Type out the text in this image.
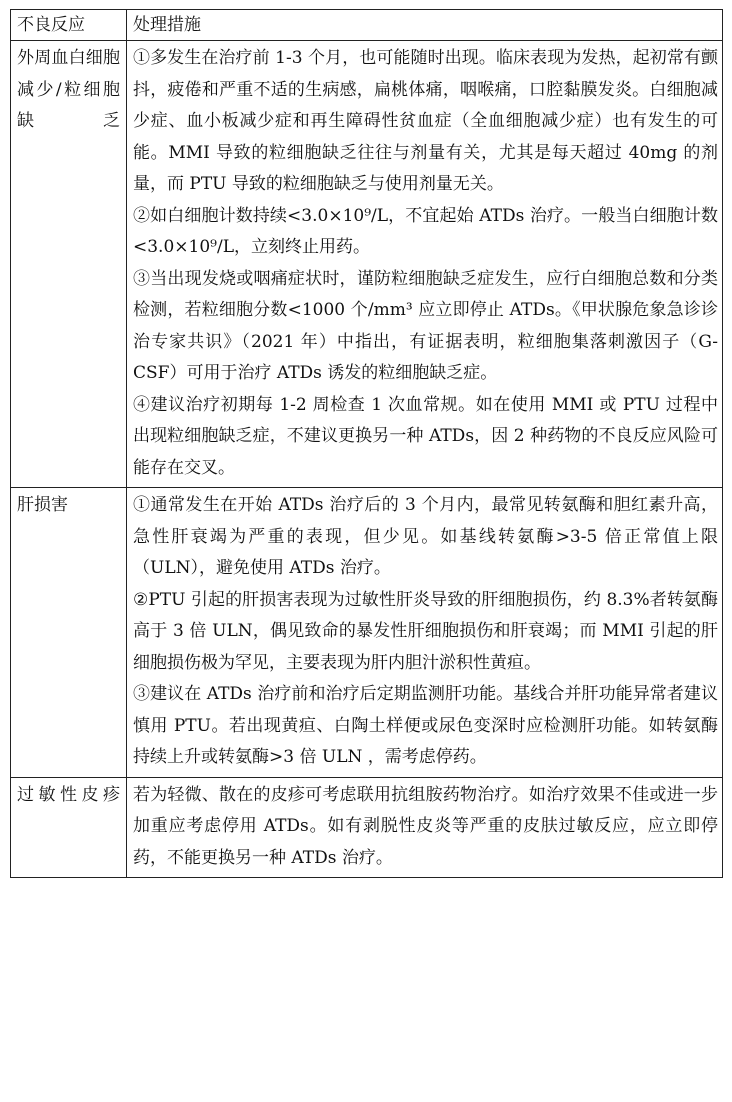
不良反应	处理措施
外周血白细胞减少/粒细胞缺乏	①多发生在治疗前 1-3 个月，也可能随时出现。临床表现为发热，起初常有颤抖，疲倦和严重不适的生病感，扁桃体痛，咽喉痛，口腔黏膜发炎。白细胞减少症、血小板减少症和再生障碍性贫血症（全血细胞减少症）也有发生的可能。MMI 导致的粒细胞缺乏往往与剂量有关，尤其是每天超过 40mg 的剂量，而 PTU 导致的粒细胞缺乏与使用剂量无关。
②如白细胞计数持续<3.0×10⁹/L，不宜起始 ATDs 治疗。一般当白细胞计数<3.0×10⁹/L，立刻终止用药。
③当出现发烧或咽痛症状时，谨防粒细胞缺乏症发生，应行白细胞总数和分类检测，若粒细胞分数<1000 个/mm³ 应立即停止 ATDs。《甲状腺危象急诊诊治专家共识》（2021 年）中指出，有证据表明，粒细胞集落刺激因子（G-CSF）可用于治疗 ATDs 诱发的粒细胞缺乏症。
④建议治疗初期每 1-2 周检查 1 次血常规。如在使用 MMI 或 PTU 过程中出现粒细胞缺乏症，不建议更换另一种 ATDs，因 2 种药物的不良反应风险可能存在交叉。

肝损害	①通常发生在开始 ATDs 治疗后的 3 个月内，最常见转氨酶和胆红素升高，急性肝衰竭为严重的表现，但少见。如基线转氨酶>3-5 倍正常值上限（ULN），避免使用 ATDs 治疗。
②PTU 引起的肝损害表现为过敏性肝炎导致的肝细胞损伤，约 8.3%者转氨酶高于 3 倍 ULN，偶见致命的暴发性肝细胞损伤和肝衰竭；而 MMI 引起的肝细胞损伤极为罕见，主要表现为肝内胆汁淤积性黄疸。
③建议在 ATDs 治疗前和治疗后定期监测肝功能。基线合并肝功能异常者建议慎用 PTU。若出现黄疸、白陶土样便或尿色变深时应检测肝功能。如转氨酶持续上升或转氨酶>3 倍 ULN ，需考虑停药。

过敏性皮疹	若为轻微、散在的皮疹可考虑联用抗组胺药物治疗。如治疗效果不佳或进一步加重应考虑停用 ATDs。如有剥脱性皮炎等严重的皮肤过敏反应，应立即停药，不能更换另一种 ATDs 治疗。
